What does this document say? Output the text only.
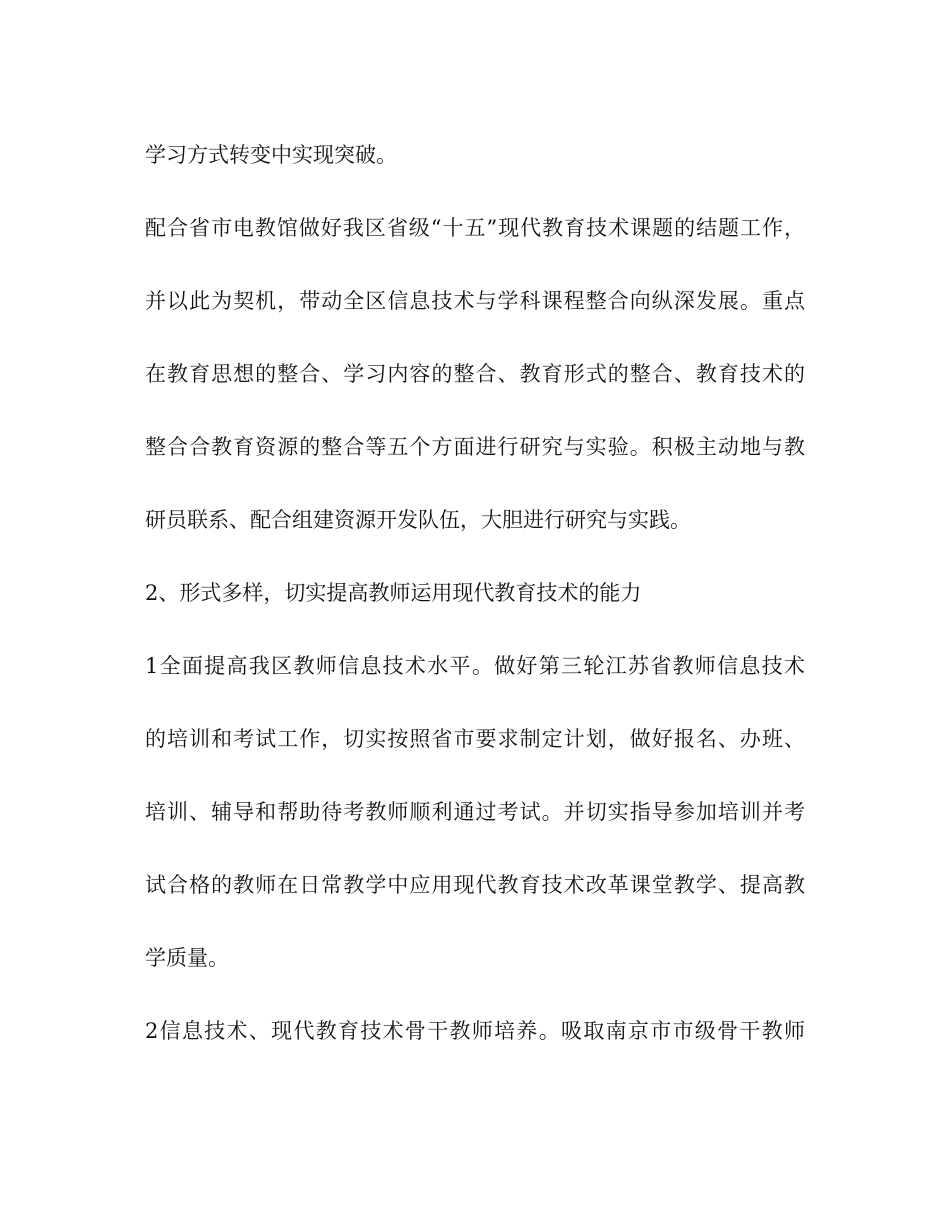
学习方式转变中实现突破。
配合省市电教馆做好我区省级“十五”现代教育技术课题的结题工作，
并以此为契机，带动全区信息技术与学科课程整合向纵深发展。重点
在教育思想的整合、学习内容的整合、教育形式的整合、教育技术的
整合合教育资源的整合等五个方面进行研究与实验。积极主动地与教
研员联系、配合组建资源开发队伍，大胆进行研究与实践。
2、形式多样，切实提高教师运用现代教育技术的能力
1全面提高我区教师信息技术水平。做好第三轮江苏省教师信息技术
的培训和考试工作，切实按照省市要求制定计划，做好报名、办班、
培训、辅导和帮助待考教师顺利通过考试。并切实指导参加培训并考
试合格的教师在日常教学中应用现代教育技术改革课堂教学、提高教
学质量。
2信息技术、现代教育技术骨干教师培养。吸取南京市市级骨干教师
